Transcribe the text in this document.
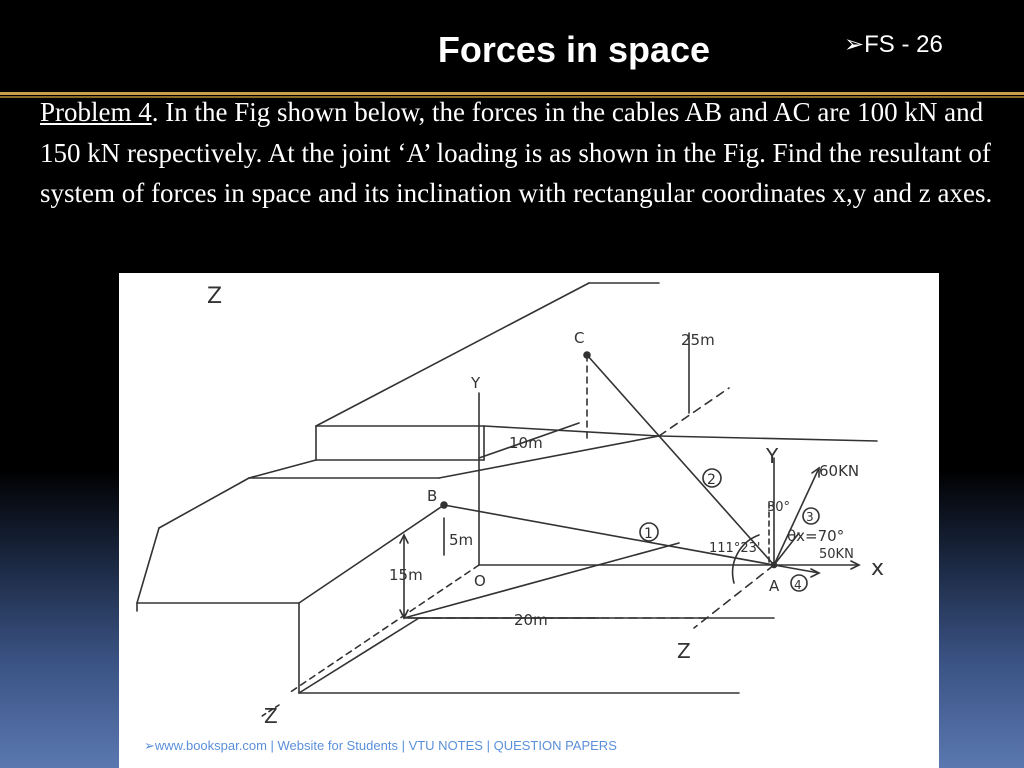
Forces in space	➢FS - 26

Problem 4. In the Fig shown below, the forces in the cables AB and AC are 100 kN and 150 kN respectively. At the joint ‘A’ loading is as shown in the Fig. Find the resultant of system of forces in space and its inclination with rectangular coordinates x,y and z axes.

Z
C	25m
Y
10m
2
Y
60KN
30°
3
θx=70°
50KN
B
5m	1
111°23'
15m	O	A 4
x
20m
Z
Z
➢www.bookspar.com | Website for Students | VTU NOTES | QUESTION PAPERS
